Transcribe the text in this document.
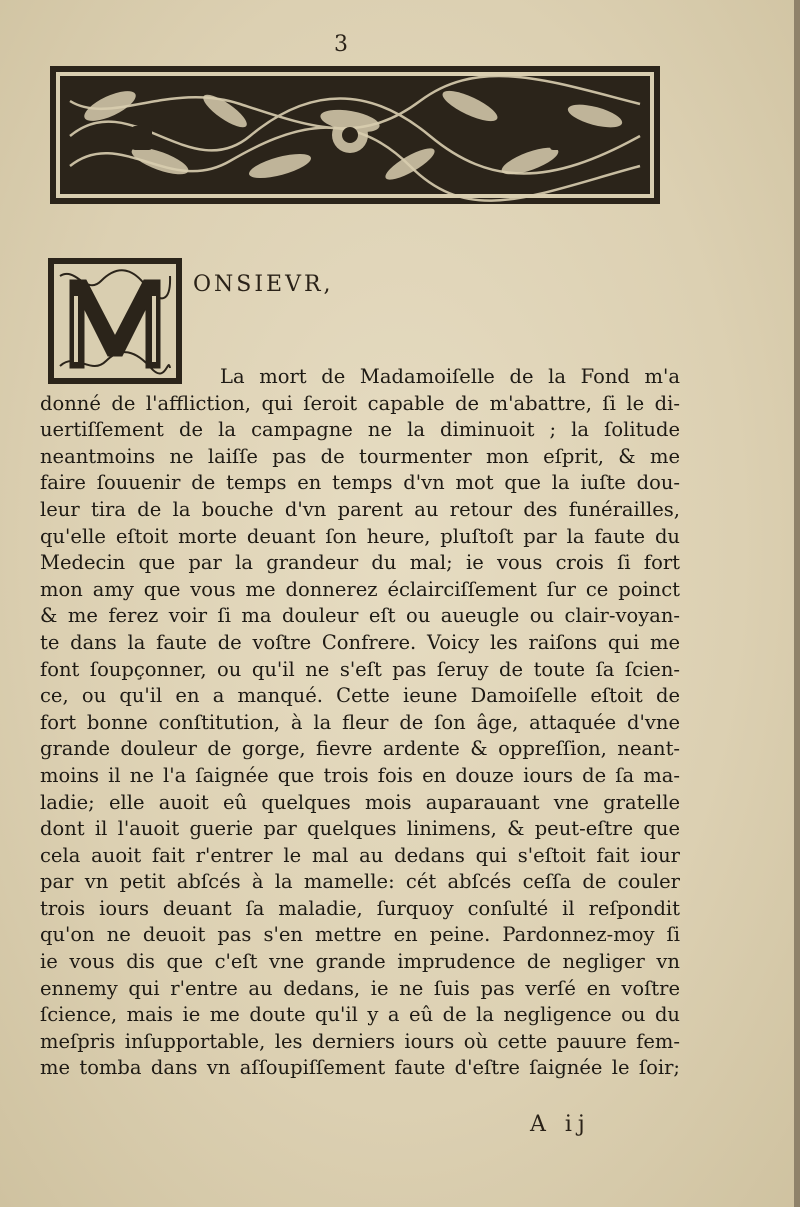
3
ONSIEVR,
La mort de Madamoiſelle de la Fond m'a
donné de l'affliction, qui ſeroit capable de m'abattre, ſi le di-
uertiſſement de la campagne ne la diminuoit ; la ſolitude
neantmoins ne laiſſe pas de tourmenter mon eſprit, & me
faire ſouuenir de temps en temps d'vn mot que la iuſte dou-
leur tira de la bouche d'vn parent au retour des funérailles,
qu'elle eſtoit morte deuant ſon heure, pluſtoſt par la faute du
Medecin que par la grandeur du mal; ie vous crois ſi fort
mon amy que vous me donnerez éclairciſſement ſur ce poinct
& me ferez voir ſi ma douleur eſt ou aueugle ou clair-voyan-
te dans la faute de voſtre Confrere. Voicy les raiſons qui me
font ſoupçonner, ou qu'il ne s'eſt pas ſeruy de toute ſa ſcien-
ce, ou qu'il en a manqué. Cette ieune Damoiſelle eſtoit de
fort bonne conſtitution, à la fleur de ſon âge, attaquée d'vne
grande douleur de gorge, fievre ardente & oppreſſion, neant-
moins il ne l'a ſaignée que trois fois en douze iours de ſa ma-
ladie; elle auoit eû quelques mois auparauant vne gratelle
dont il l'auoit guerie par quelques linimens, & peut-eſtre que
cela auoit fait r'entrer le mal au dedans qui s'eſtoit fait iour
par vn petit abſcés à la mamelle: cét abſcés ceſſa de couler
trois iours deuant ſa maladie, ſurquoy conſulté il reſpondit
qu'on ne deuoit pas s'en mettre en peine. Pardonnez-moy ſi
ie vous dis que c'eſt vne grande imprudence de negliger vn
ennemy qui r'entre au dedans, ie ne ſuis pas verſé en voſtre
ſcience, mais ie me doute qu'il y a eû de la negligence ou du
meſpris inſupportable, les derniers iours où cette pauure fem-
me tomba dans vn aſſoupiſſement faute d'eſtre ſaignée le ſoir;
A ij
